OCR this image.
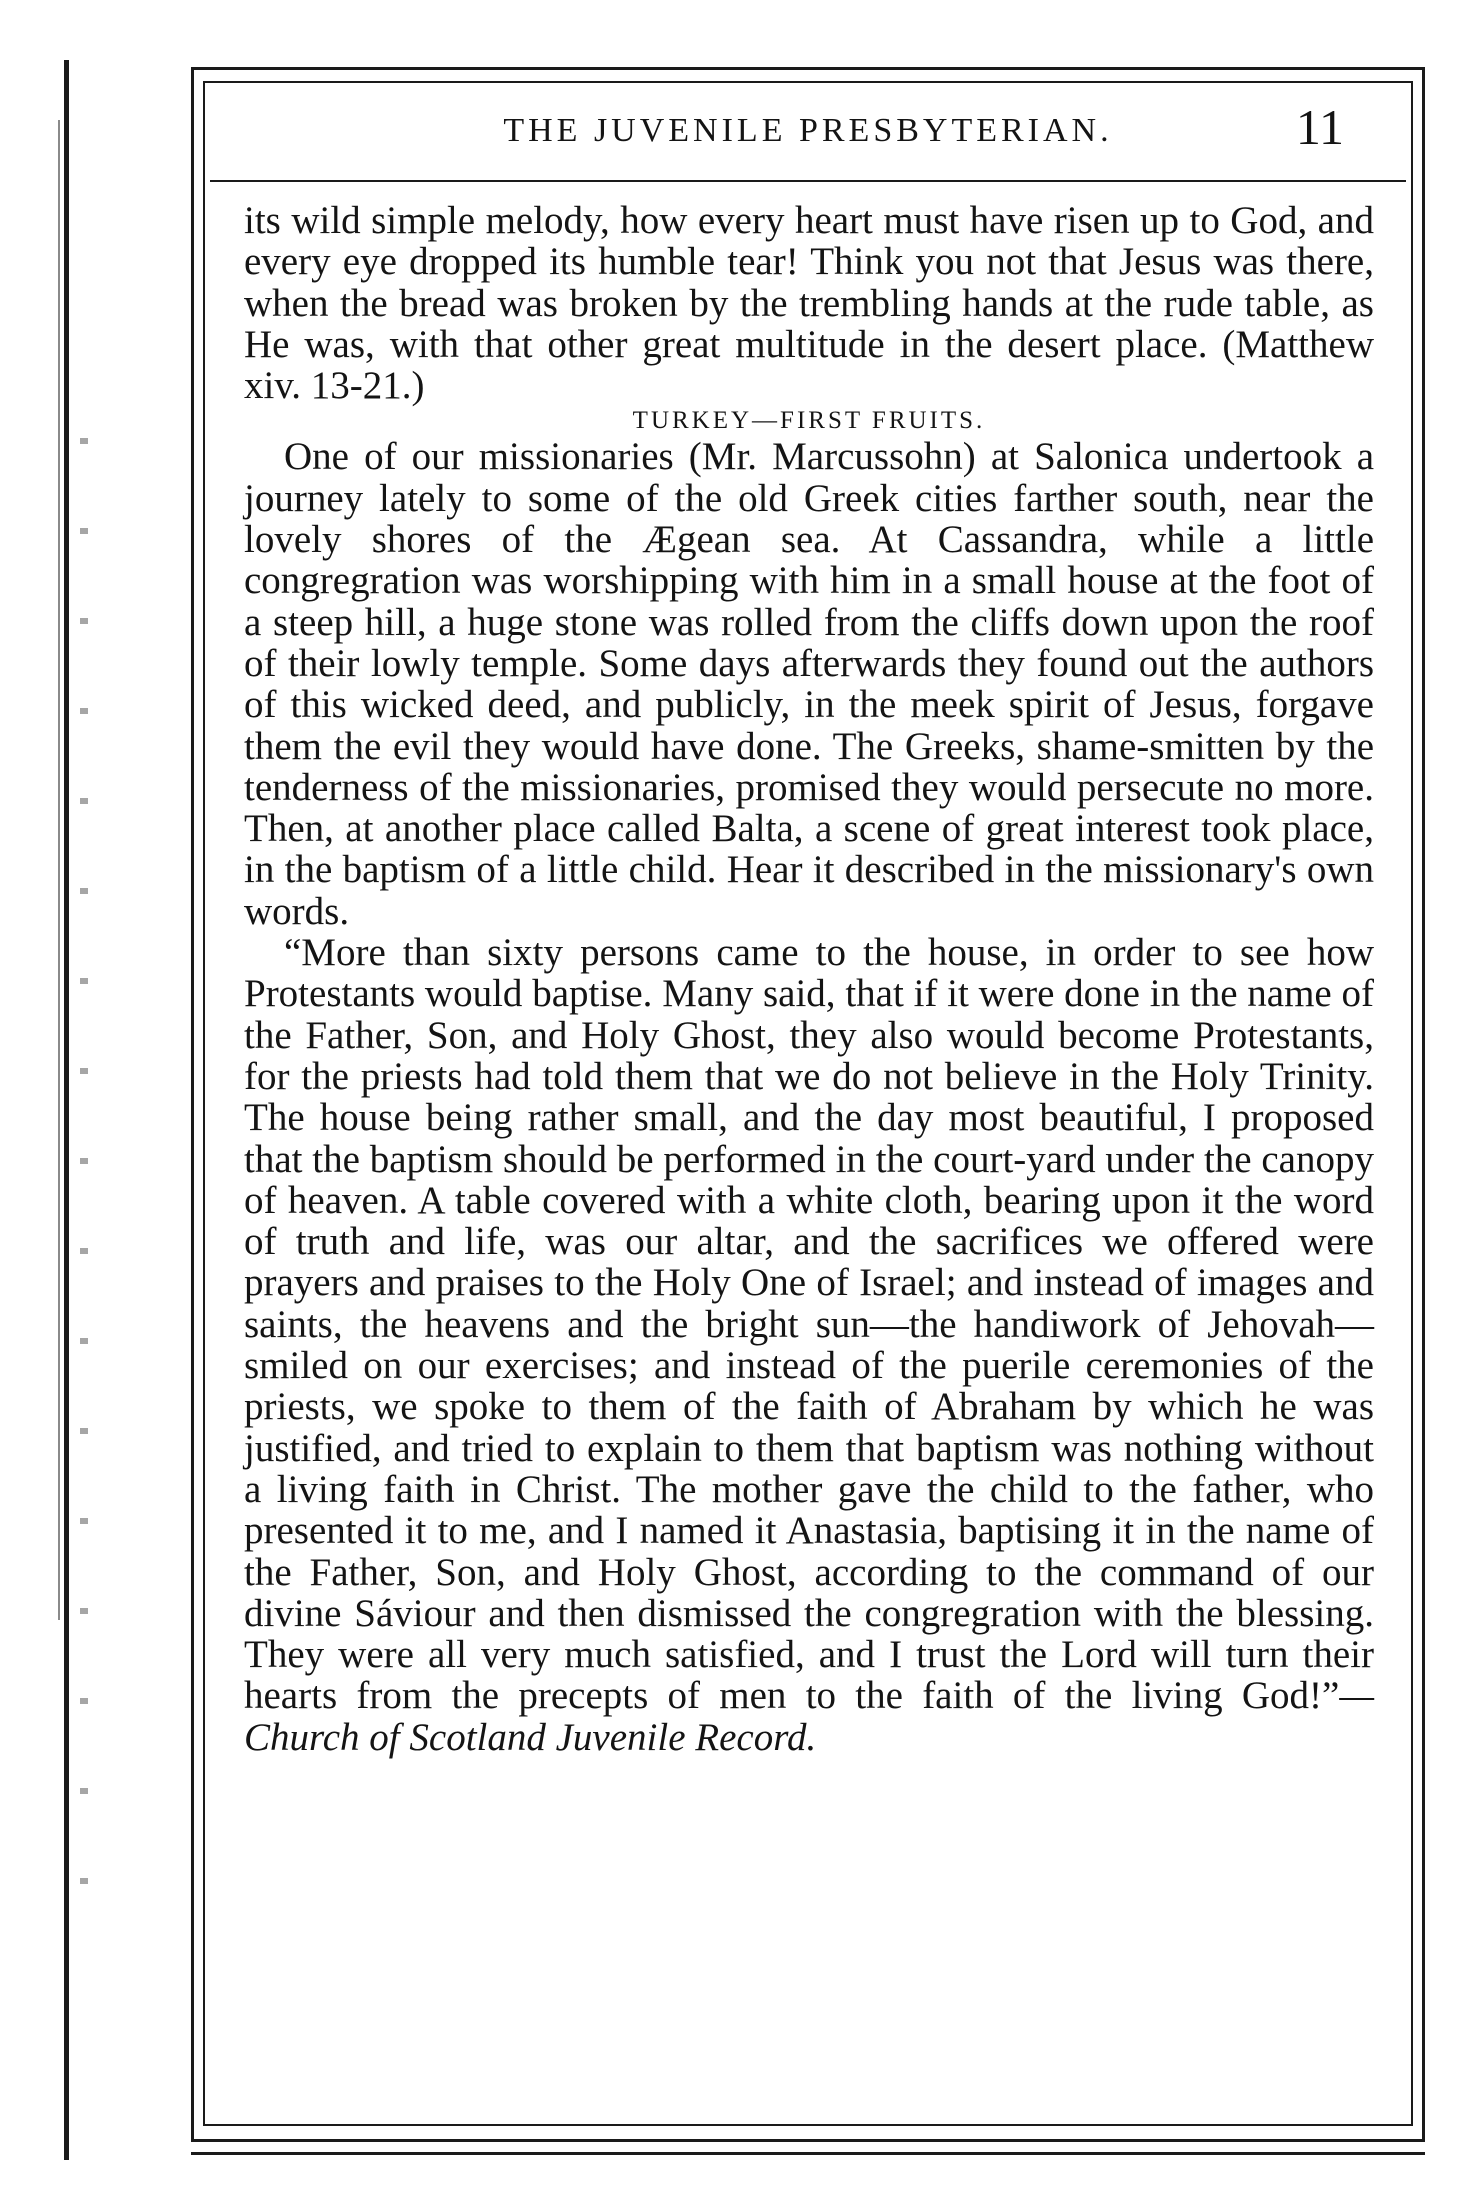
THE JUVENILE PRESBYTERIAN.	11

its wild simple melody, how every heart must have risen up to God, and every eye dropped its humble tear! Think you not that Jesus was there, when the bread was broken by the trembling hands at the rude table, as He was, with that other great multitude in the desert place. (Matthew xiv. 13-21.)

TURKEY—FIRST FRUITS.

One of our missionaries (Mr. Marcussohn) at Salonica undertook a journey lately to some of the old Greek cities farther south, near the lovely shores of the Ægean sea. At Cassandra, while a little congregration was worshipping with him in a small house at the foot of a steep hill, a huge stone was rolled from the cliffs down upon the roof of their lowly temple. Some days afterwards they found out the authors of this wicked deed, and publicly, in the meek spirit of Jesus, forgave them the evil they would have done. The Greeks, shame-smitten by the tenderness of the missionaries, promised they would persecute no more. Then, at another place called Balta, a scene of great interest took place, in the baptism of a little child. Hear it described in the missionary's own words.

“More than sixty persons came to the house, in order to see how Protestants would baptise. Many said, that if it were done in the name of the Father, Son, and Holy Ghost, they also would become Protestants, for the priests had told them that we do not believe in the Holy Trinity. The house being rather small, and the day most beautiful, I proposed that the baptism should be performed in the court-yard under the canopy of heaven. A table covered with a white cloth, bearing upon it the word of truth and life, was our altar, and the sacrifices we offered were prayers and praises to the Holy One of Israel; and instead of images and saints, the heavens and the bright sun—the handiwork of Jehovah—smiled on our exercises; and instead of the puerile ceremonies of the priests, we spoke to them of the faith of Abraham by which he was justified, and tried to explain to them that baptism was nothing without a living faith in Christ. The mother gave the child to the father, who presented it to me, and I named it Anastasia, baptising it in the name of the Father, Son, and Holy Ghost, according to the command of our divine Sáviour and then dismissed the congregration with the blessing. They were all very much satisfied, and I trust the Lord will turn their hearts from the precepts of men to the faith of the living God!”—Church of Scotland Juvenile Record.
